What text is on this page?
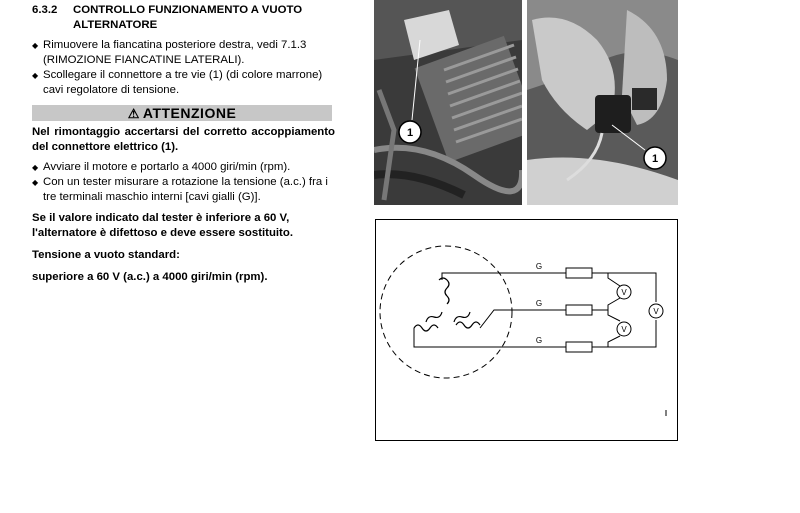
6.3.2 CONTROLLO FUNZIONAMENTO A VUOTO ALTERNATORE
◆ Rimuovere la fiancatina posteriore destra, vedi 7.1.3 (RIMOZIONE FIANCATINE LATERALI).
◆ Scollegare il connettore a tre vie (1) (di colore marrone) cavi regolatore di tensione.
⚠ ATTENZIONE
Nel rimontaggio accertarsi del corretto accoppiamento del connettore elettrico (1).
◆ Avviare il motore e portarlo a 4000 giri/min (rpm).
◆ Con un tester misurare a rotazione la tensione (a.c.) fra i tre terminali maschio interni [cavi gialli (G)].
Se il valore indicato dal tester è inferiore a 60 V, l'alternatore è difettoso e deve essere sostituito.
Tensione a vuoto standard:
superiore a 60 V (a.c.) a 4000 giri/min (rpm).
1
1
G
G
G
V
V
V
